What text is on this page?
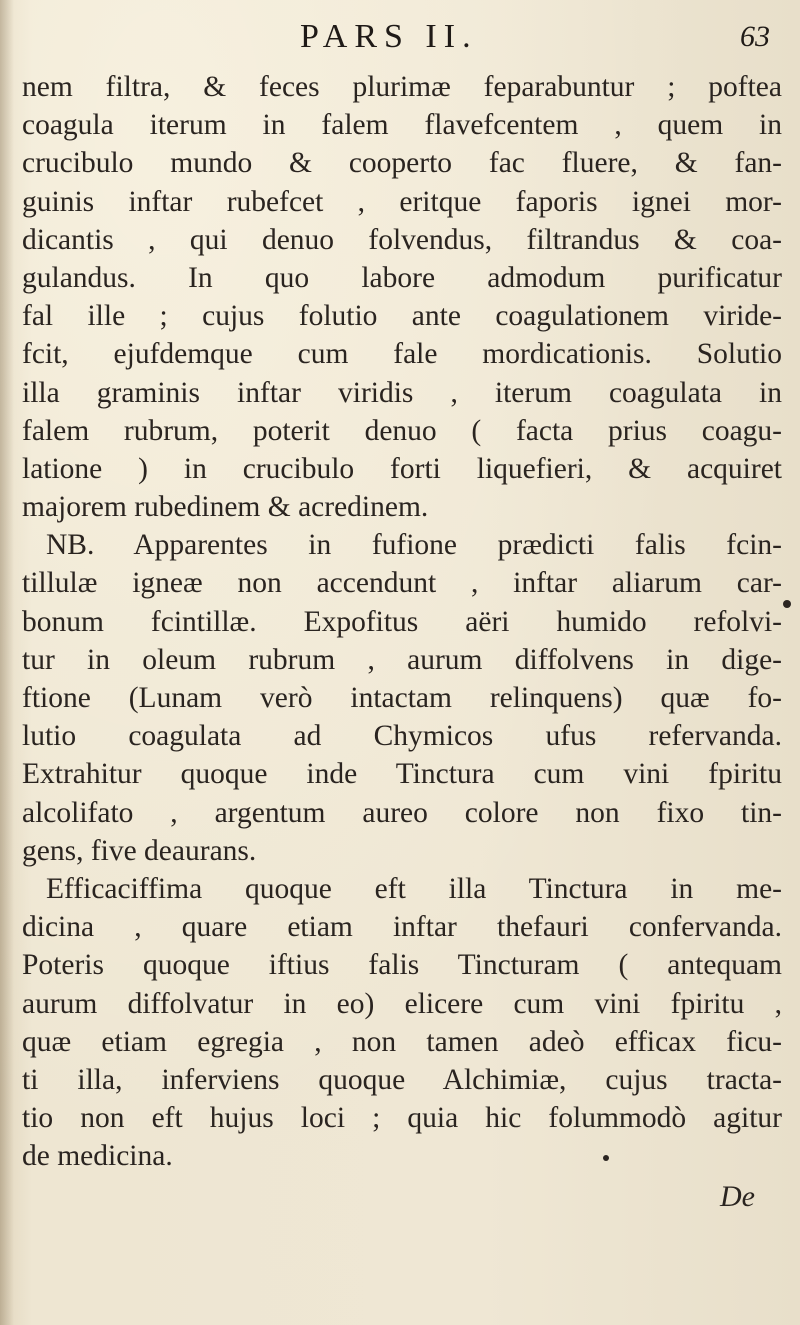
PARS II.	63
nem filtra, & feces plurimæ feparabuntur ; poftea
coagula iterum in falem flavefcentem , quem in
crucibulo mundo & cooperto fac fluere, & fan-
guinis inftar rubefcet , eritque faporis ignei mor-
dicantis , qui denuo folvendus, filtrandus & coa-
gulandus. In quo labore admodum purificatur
fal ille ; cujus folutio ante coagulationem viride-
fcit, ejufdemque cum fale mordicationis. Solutio
illa graminis inftar viridis , iterum coagulata in
falem rubrum, poterit denuo ( facta prius coagu-
latione ) in crucibulo forti liquefieri, & acquiret
majorem rubedinem & acredinem.
NB. Apparentes in fufione prædicti falis fcin-
tillulæ igneæ non accendunt , inftar aliarum car-
bonum fcintillæ. Expofitus aëri humido refolvi-
tur in oleum rubrum , aurum diffolvens in dige-
ftione (Lunam verò intactam relinquens) quæ fo-
lutio coagulata ad Chymicos ufus refervanda.
Extrahitur quoque inde Tinctura cum vini fpiritu
alcolifato , argentum aureo colore non fixo tin-
gens, five deaurans.
Efficaciffima quoque eft illa Tinctura in me-
dicina , quare etiam inftar thefauri confervanda.
Poteris quoque iftius falis Tincturam ( antequam
aurum diffolvatur in eo) elicere cum vini fpiritu ,
quæ etiam egregia , non tamen adeò efficax ficu-
ti illa, inferviens quoque Alchimiæ, cujus tracta-
tio non eft hujus loci ; quia hic folummodò agitur
de medicina.
De
